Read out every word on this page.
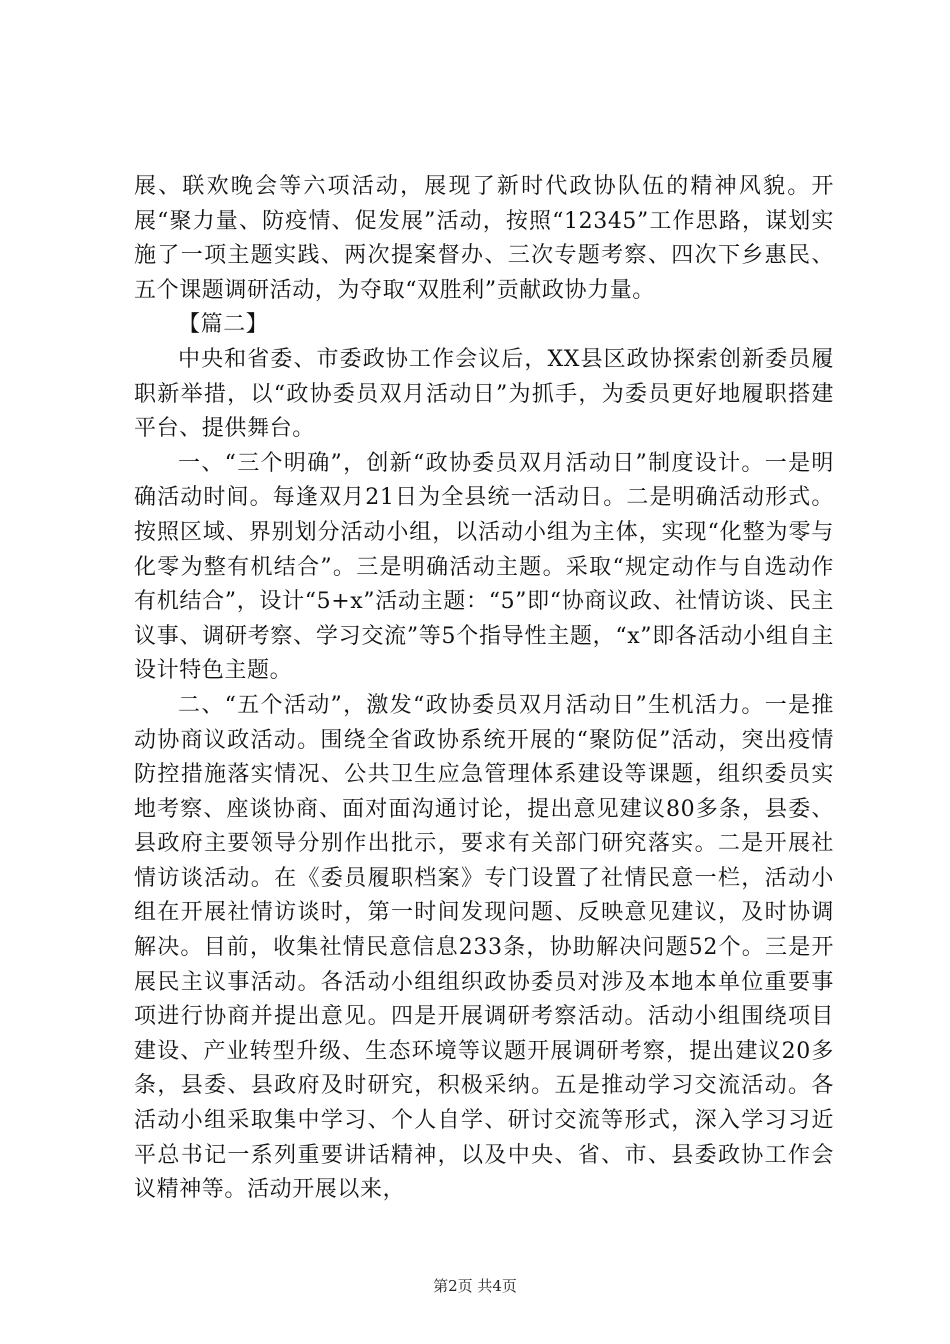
展、联欢晚会等六项活动，展现了新时代政协队伍的精神风貌。开展“聚力量、防疫情、促发展”活动，按照“12345”工作思路，谋划实施了一项主题实践、两次提案督办、三次专题考察、四次下乡惠民、五个课题调研活动，为夺取“双胜利”贡献政协力量。

【篇二】

中央和省委、市委政协工作会议后，XX县区政协探索创新委员履职新举措，以“政协委员双月活动日”为抓手，为委员更好地履职搭建平台、提供舞台。

一、“三个明确”，创新“政协委员双月活动日”制度设计。一是明确活动时间。每逢双月21日为全县统一活动日。二是明确活动形式。按照区域、界别划分活动小组，以活动小组为主体，实现“化整为零与化零为整有机结合”。三是明确活动主题。采取“规定动作与自选动作有机结合”，设计“5+x”活动主题：“5”即“协商议政、社情访谈、民主议事、调研考察、学习交流”等5个指导性主题，“x”即各活动小组自主设计特色主题。

二、“五个活动”，激发“政协委员双月活动日”生机活力。一是推动协商议政活动。围绕全省政协系统开展的“聚防促”活动，突出疫情防控措施落实情况、公共卫生应急管理体系建设等课题，组织委员实地考察、座谈协商、面对面沟通讨论，提出意见建议80多条，县委、县政府主要领导分别作出批示，要求有关部门研究落实。二是开展社情访谈活动。在《委员履职档案》专门设置了社情民意一栏，活动小组在开展社情访谈时，第一时间发现问题、反映意见建议，及时协调解决。目前，收集社情民意信息233条，协助解决问题52个。三是开展民主议事活动。各活动小组组织政协委员对涉及本地本单位重要事项进行协商并提出意见。四是开展调研考察活动。活动小组围绕项目建设、产业转型升级、生态环境等议题开展调研考察，提出建议20多条，县委、县政府及时研究，积极采纳。五是推动学习交流活动。各活动小组采取集中学习、个人自学、研讨交流等形式，深入学习习近平总书记一系列重要讲话精神，以及中央、省、市、县委政协工作会议精神等。活动开展以来，

第2页 共4页
